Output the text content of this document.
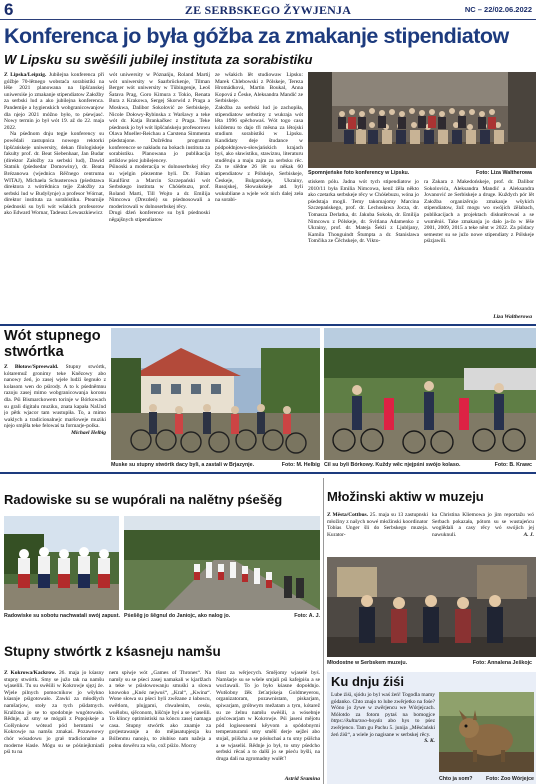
6	ZE SERBSKEGO ŽYWJENJA	NC – 22/02.06.2022
Konferenca jo była góžba za zmakanje stipendiatow
W Lipsku su swěśili jubilej instituta za sorabistiku
Z Lipska/Leipzig. Jubilejna konferenca při góžbje 70-lětnego wobstaća sorabistiki na lěše 2021 planowana na lipšćanskej uniwersiśe jo zmakanje stipendiatow Załožby za serbski lud a ako jubilejna konferenca. Pandemije a hygienskich wobgranicowanjow dla njejo 2021 móžno było, to pśewjasć. Nowy termin jo był wót 19. až do 22. maja 2022.
Na pśeđnom dnju tegje konferency su powědali zastupnica nowego rektorki lipšćańskeje uniwersity, dekan filologiskeje fakulty prof. dr. Beat Siebenhaar, Jan Budar (direktor Załožby za serbski lud), Dawid Statnik (pśedsedar Domowiny), dr. Beata Brézanowa (wjednica Rěčnego centruma WITAJ), Michaela Schusterowa (pśedstawa direktora z wótrědnica tejje Załožby za serbski lud w Budyšynje) a profesor Wórnat, direktor instituta za sorabistiku. Ptearnije pśednoski su byli wót wšakich profesorow ako Edward Wornar, Tadeusz Lewaszkiewicz
wót uniwersity w Póznańju, Roland Martij wót uniwersity w Saarbrückenje, Tilman Berger wót uniwersity w Tübingenje, Leoš Šatava Prag, Goro Kimura z Tokio, Renata Bura z Krakowa, Sergej Skorwid z Praga a Moskwa, Dalibor Sokolović ze Serbiskeje, Nicole Dołowy-Rybinska z Waršawy a teke wót dr. Katja Brankačkec z Praga. Teke pśednosk jo był wót lipšćańskeju profesorowu Olava Mueller-Reichau a Carstena Simmenta pśedstajone. Dožrědnu programm konferencce se nakładu na bokach instituta za sorabistiku. Planowana jo publikacija artiklow pśez jubilejencey.
Pśinoski a moderacija w dolnoserbskej rěcy su wjelgin pśezentne byli. Dr. Fabian Kaulfürst a Marcin Szczepański wót Serbskego instituta w Chóśebuzu, prof. Roland Marti, Till Wojto a dr. Emilija Nimcowa (Drezdeń) su pśednosowali a moderirowali w dolnoserbskej rěcy.
Drugi dźeń konference su byli pśednoski něgajšnych stipendiatow
ze wšakich lět studiowaw Lipsku: Marek Chlebowski z Pólskeje, Tereza Hromádková, Martin Boukal, Anna Kopová z Česke, Aleksandra Mandić ze Serbiskeje.
Załožba za serbski lud jo zachopiła, stipendiatow serbstiny z wukraja wót lěta 1996 spěchowaś. Wót togo casa kóždemu to dajo tři měsna za lětojski studium sorabistiki w Lipsku. Kandidaty deje študance w pódpołdnjowo-słowjańskich krajach byś, ako sławistiku, stawiznu, literaturu studěruju a maju zajm za serbsku rěc. Za te slědne 26 lět su někak 60 stipendiatow z Pólskeje, Serbiskeje, Českeje, Bulgarskeje, Ukrainy, Rusojskej, Słowakskeje atd. byli wukubliane a wjele wót nich dalej zeła na sorabi-
Spomnjeńske foto konferency w Lipsku.	Foto: Liza Waltherowa
stiskem pólu. Jadna wót tych stipendiatow jo 2010/11 była Emilia Nimcowa, kenž źěla někto ako czetarka serbskeje rěcy w Chóśebuzu, wóna jo pśedstaja mogli. Temy takomajomy Marcina Szczepańskego, prof. dr. Lechosława Jocza, dr. Tomasza Derlatka, dr. Jakuba Sokoła, dr. Emilija Nimcowu z Pólskeje, dr. Svitlana Adamenko z Ukrainy, prof. dr. Mateja Šekli z Ljubljany, Kamila Thonguindt Štumpta a dr. Stanislawa Tomčika ze Čěchskeje, dr. Vikto-
ra Zakara z Makedońskeje, prof. dr. Dalibor Sokolovića, Aleksandra Mandić a Aleksandra Jovanović ze Serbiskeje a druge. Kuždych pór lět Załožba organizěrujo zmakanje wšykich stipendiatow, žož mogu wo swójich źělabach, publikacijach a projektach diskutěrowaś a se wuměniś. Take zmakanja jo dało ja-žo w lěše 2001, 2009, 2015 a teke něnt w 2022. Za pśidacy semester su se južo nowe stipendiaty z Pólskeje pśizjawili.
Liza Waltherowa
Wót stupnego stwórtka
Z Błotow/Spreewald. Stupny stwórtk, kótaremuž gronimy teke Knězowy abo nanowy źeń, jo zasej wjele ludźi šegnuło z kolasom wen do pśirody. A to k pśedněmnu razoju zasej mimo wobgranicowanja koronu dla. Pśi Bismarckowem torinje w Bórkowach su grali digitalu muziku, znata kapała NaUnd jo pětk wjacor tam wustupiła. To, a mimo waklych a tradicionalnejc maršoweje muziki njejo smjěla teke felowaś ta formarje-polka.
Michael Helbig
Muske su stupny stwórtk dacy byli, a zastali w Brjazynje.	Foto: M. Helbig Cil su byli Bórkowy. Kuždy wěc njejpśni swójo kolaso.	Foto: B. Krawc
Radowiske su se wupórali na nalětny pśešěg
Radowiske su sobotu nachwatali swój zapust. Pśešěg jo šěgnul do Janiojc, ako nalog jo.	Foto: A. J.
Młožinski aktiw w muzeju
Z Města/Cottbus. 25. maja su 13 zastupnski młožiny z našych nowé młožinski koordinator Tobias Unger šli do Serbskego muzeja. Kurator-
ka Christina Kliemowa jo jim reportažu wó Serbach pokazała, pótom su se wustajeńcu woglědali a casy rěcy wó swójich jej nawuknuli.	A. J.
Młodostne w Serbskem muzeju.	Foto: Annalena Ješkojc
Stupny stwórtk z kśasneju namšu
Z Kokrowa/Kackrow. 26. maja jo kśasny stupny stwórtk. Smy se južo tak na namšu wjaselili. Tu su swěśili w Kokrowje sjęzj źe. Wjele pilnych pomocnikow jo wšykno kśasnje pśigotowało. Zawki za młodšych namšarjow, stoły za tych pśidatnych. Kralžona jo se to spodobnje wugótowało. Rědnje, až smy se mógali z Popojskeje a Golšynkow wótsud pód herntami w Kokrowje na namšu zmakaś. Pozawnowy chór wósadowu jo grał tradicionalne a moderne łśasle. Mógu su se póśniejkmiadi pśi tu na
nem spiwje wót „Games of Thrones“. Na namšy su se pśeci zasej namakali w kjarlžach a teke w pśisłowowanju smuśki a slowa knowoko „Knéz nejwuś“, „Kral“, „Kwina“. Wone słowa su pśeci byli zwězane z łaboscu, swětlom, plujgami, chwalenim, cesśu, wuělobu, sjěconom, hišćnje byś a se wjaselili. To klincy optimistiski na kóncu zasej namaga casa. Stupny stwórtk ako znamje za gorjestawanje a do mějasatupjezja ku Bóženmu nanoju, to złubiso nam nažeja a połnu dowěru za wšo, což pśiźo. Mocny
tšost za wěrjecych. Smějomy wjaselé byś. Namšarje su se wšele smjali pśi kafejpiśu a se wuclawali. To jo było kśasne dopołdnjo. Wutšobny žěk žeťarjskeja Goldmeyerou, organizatoram, pozawnistam, piskarjam, spiwarjam, gróbwym mežatam a tym, kótarež su ze źelnu namšu swěśili, a wósebnje gósćowarjam w Kokrowje. Pśi jaseni mějotu pód logiseonemi kěyvom a spódobnymi temperaturami smy smělí derje sejžei abo stojaš, pśišcha a se pósłuchaś a tu smy pśišcha a se wjaseliś. Rědnje jo był, to smy pśedcho serbski rěcaś a to další jo se pśeću byšli, na druga dali na zgromadny wulěť!
Astrid Sramina
Ku dnju źiśi
Lube źiśi, sjódu jo byl waś źeń! Togodla mamy gódanko. Chto znajo to lube zwěrjetko na fośe? Wóno jo źywe w zwěrjencu we Wórjejcach. Mólotdo za fotom pytaś na bomogjce https://kulturzoo-hoyda abo hys to pśez zwěrjenco. Tam gu Pachu 5. junija „Měsćański źeń źiśi“, a wiele jo nagisane w serbskej rěcy.
S. K.
Chto ja som?	Foto: Zoo Wórjejce
